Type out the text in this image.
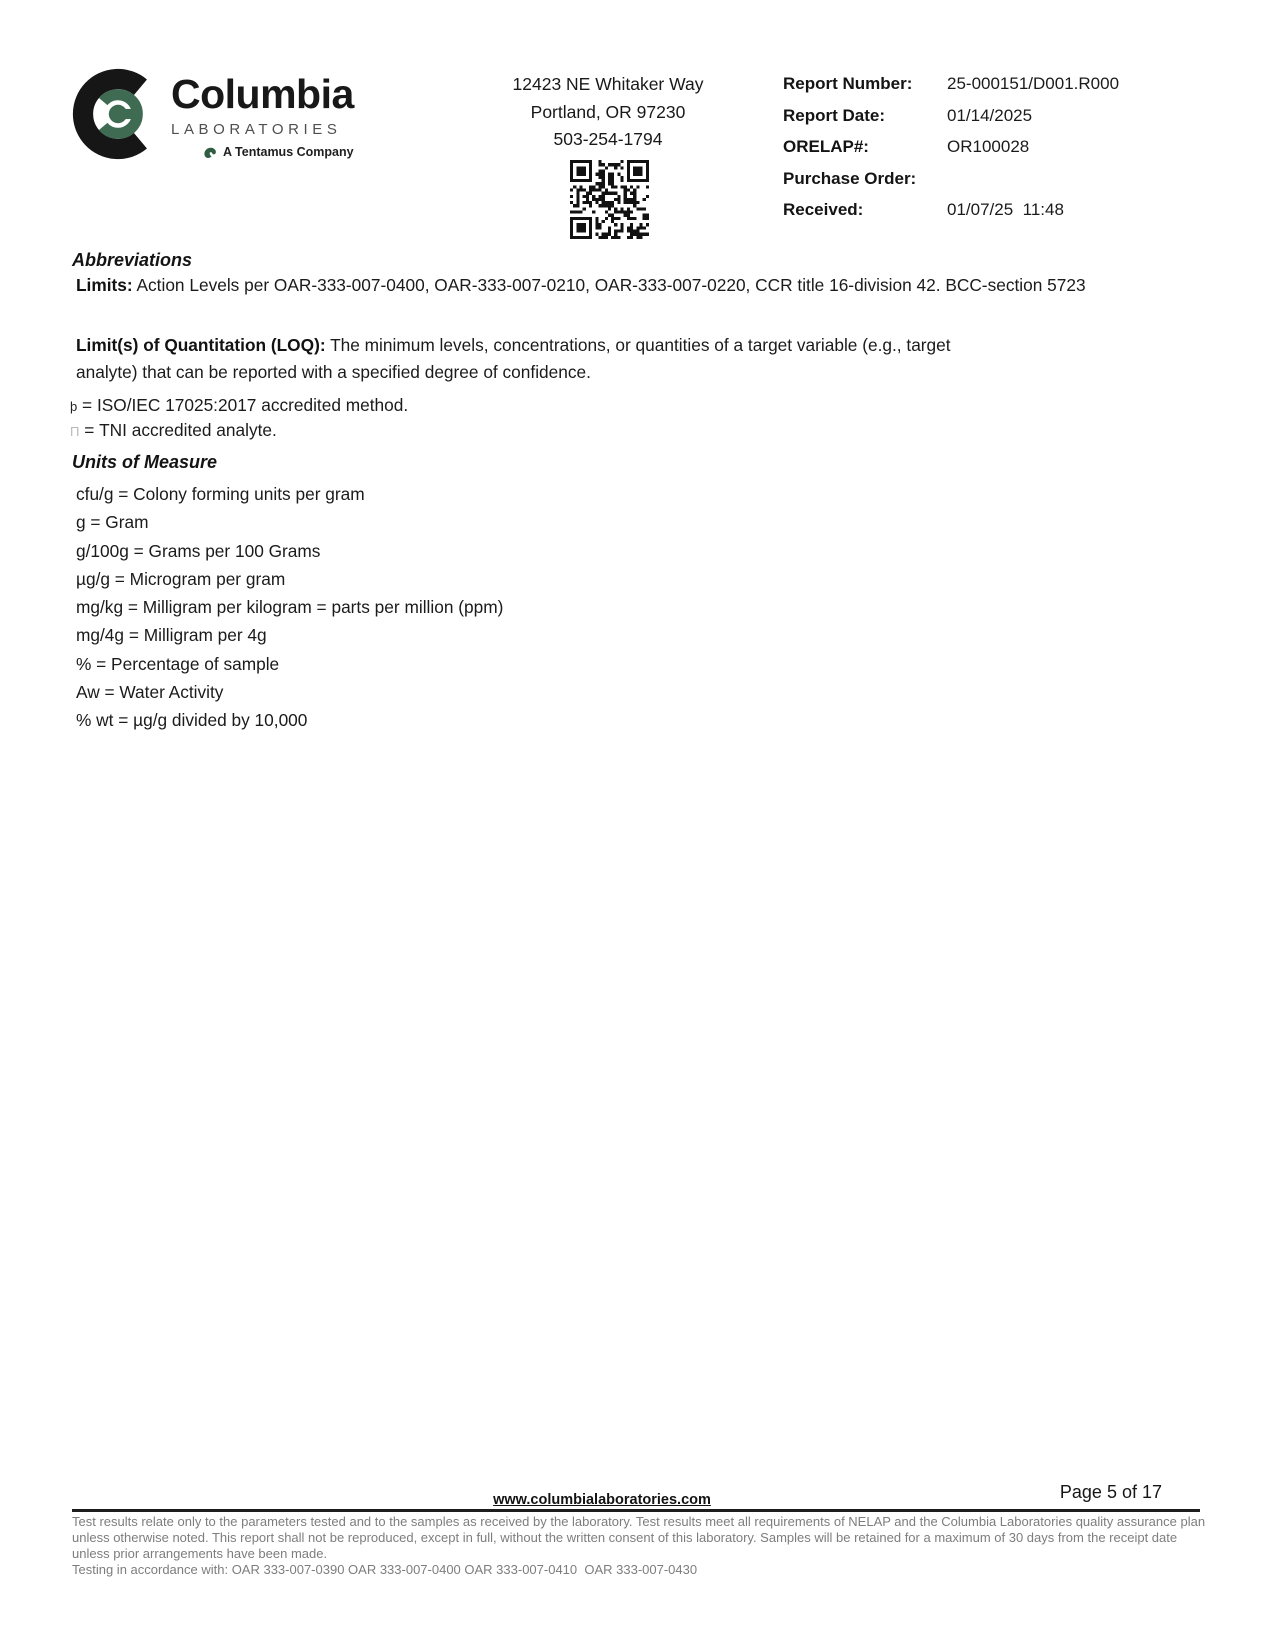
Columbia
LABORATORIES
A Tentamus Company
12423 NE Whitaker Way
Portland, OR 97230
503-254-1794
Report Number:	25-000151/D001.R000
Report Date:	01/14/2025
ORELAP#:	OR100028
Purchase Order:
Received:	01/07/25  11:48
Abbreviations
Limits: Action Levels per OAR-333-007-0400, OAR-333-007-0210, OAR-333-007-0220, CCR title 16-division 42. BCC-section 5723
Limit(s) of Quantitation (LOQ): The minimum levels, concentrations, or quantities of a target variable (e.g., target analyte) that can be reported with a specified degree of confidence.
þ = ISO/IEC 17025:2017 accredited method.
Π = TNI accredited analyte.
Units of Measure
cfu/g = Colony forming units per gram
g = Gram
g/100g = Grams per 100 Grams
µg/g = Microgram per gram
mg/kg = Milligram per kilogram = parts per million (ppm)
mg/4g = Milligram per 4g
% = Percentage of sample
Aw = Water Activity
% wt = µg/g divided by 10,000
Page 5 of 17
www.columbialaboratories.com
Test results relate only to the parameters tested and to the samples as received by the laboratory. Test results meet all requirements of NELAP and the Columbia Laboratories quality assurance plan unless otherwise noted. This report shall not be reproduced, except in full, without the written consent of this laboratory. Samples will be retained for a maximum of 30 days from the receipt date unless prior arrangements have been made.
Testing in accordance with: OAR 333-007-0390 OAR 333-007-0400 OAR 333-007-0410  OAR 333-007-0430
